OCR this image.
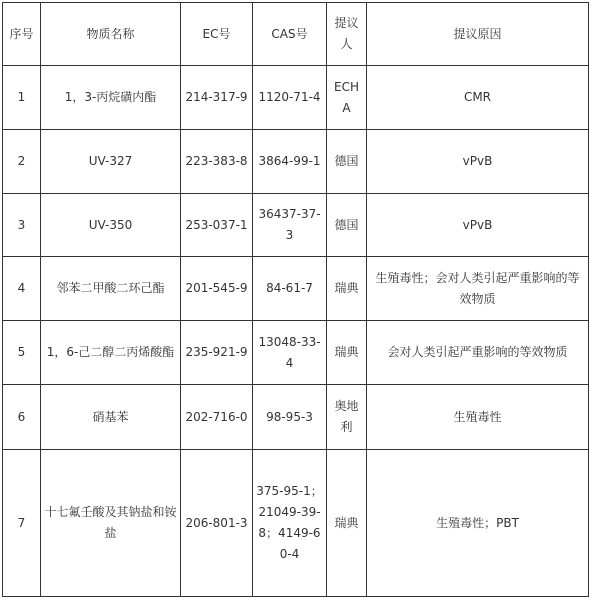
序号	物质名称	EC号	CAS号	提议人	提议原因
1	1，3-丙烷磺内酯	214-317-9	1120-71-4	ECHA	CMR
2	UV-327	223-383-8	3864-99-1	德国	vPvB
3	UV-350	253-037-1	36437-37-3	德国	vPvB
4	邻苯二甲酸二环己酯	201-545-9	84-61-7	瑞典	生殖毒性；会对人类引起严重影响的等效物质
5	1，6-己二醇二丙烯酸酯	235-921-9	13048-33-4	瑞典	会对人类引起严重影响的等效物质
6	硝基苯	202-716-0	98-95-3	奥地利	生殖毒性
7	十七氟壬酸及其钠盐和铵盐	206-801-3	375-95-1；21049-39-8；4149-60-4	瑞典	生殖毒性；PBT
